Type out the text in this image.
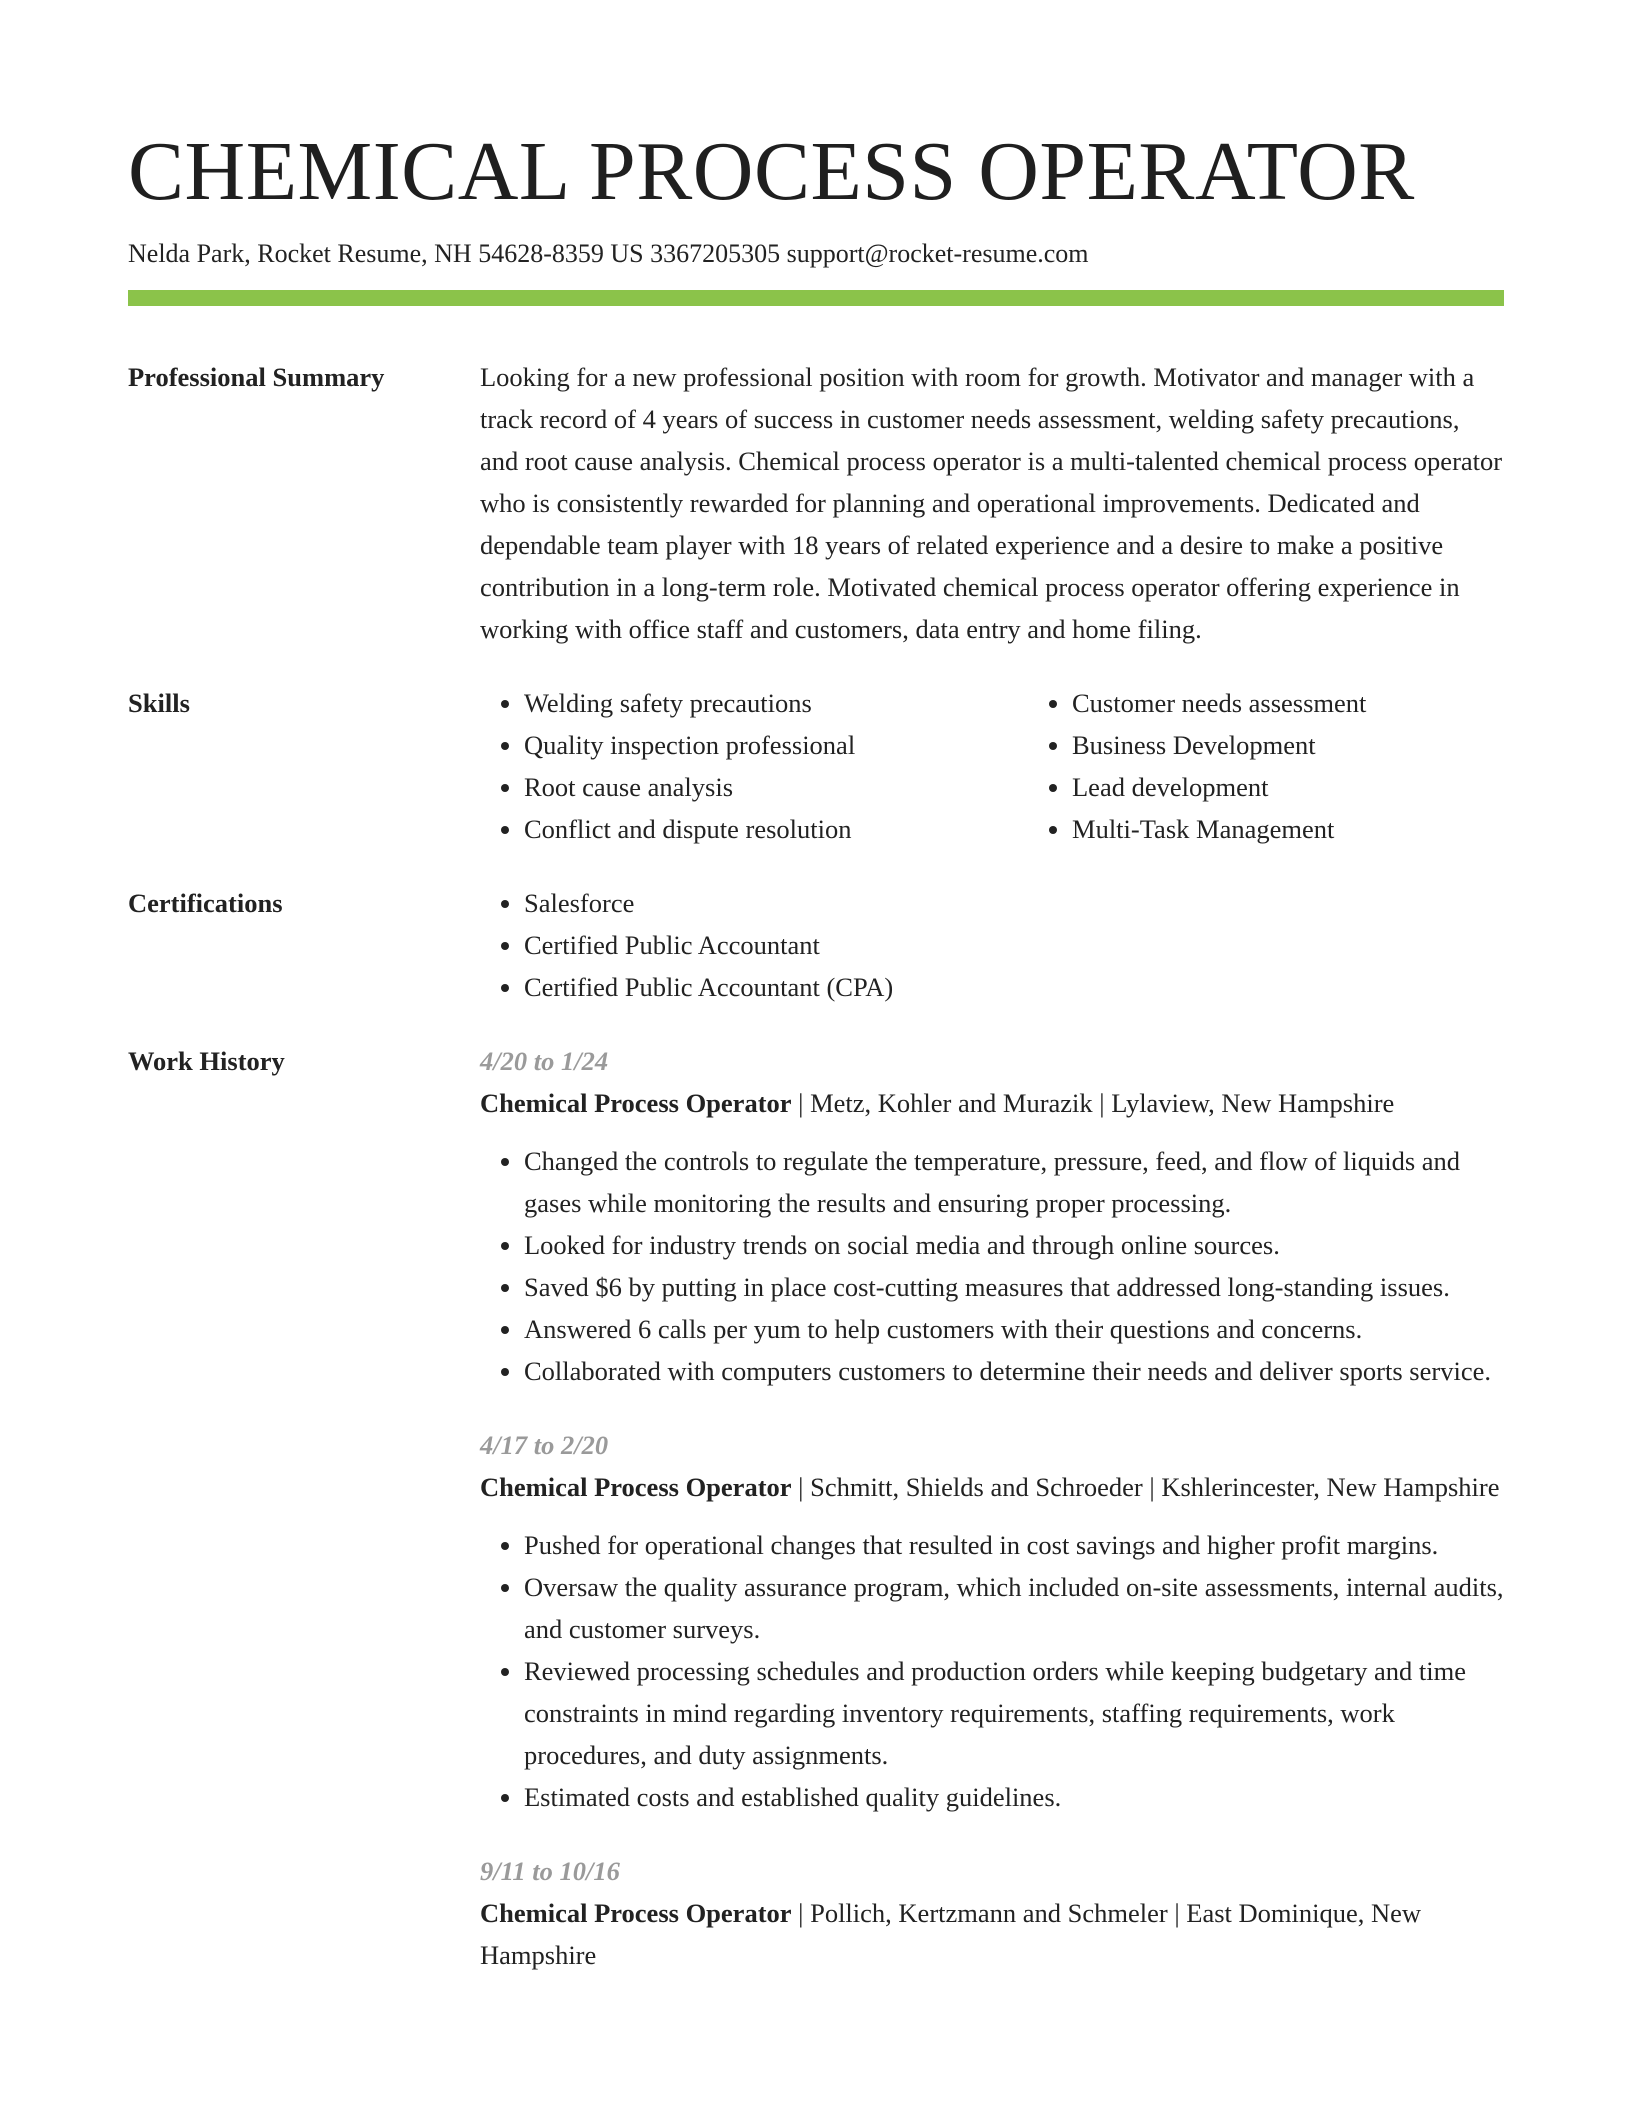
CHEMICAL PROCESS OPERATOR
Nelda Park, Rocket Resume, NH 54628-8359 US 3367205305 support@rocket-resume.com
Professional Summary	Looking for a new professional position with room for growth. Motivator and manager with a track record of 4 years of success in customer needs assessment, welding safety precautions, and root cause analysis. Chemical process operator is a multi-talented chemical process operator who is consistently rewarded for planning and operational improvements. Dedicated and dependable team player with 18 years of related experience and a desire to make a positive contribution in a long-term role. Motivated chemical process operator offering experience in working with office staff and customers, data entry and home filing.
Skills	• Welding safety precautions
• Quality inspection professional
• Root cause analysis
• Conflict and dispute resolution
• Customer needs assessment
• Business Development
• Lead development
• Multi-Task Management
Certifications	• Salesforce
• Certified Public Accountant
• Certified Public Accountant (CPA)
Work History	4/20 to 1/24
Chemical Process Operator | Metz, Kohler and Murazik | Lylaview, New Hampshire
• Changed the controls to regulate the temperature, pressure, feed, and flow of liquids and gases while monitoring the results and ensuring proper processing.
• Looked for industry trends on social media and through online sources.
• Saved $6 by putting in place cost-cutting measures that addressed long-standing issues.
• Answered 6 calls per yum to help customers with their questions and concerns.
• Collaborated with computers customers to determine their needs and deliver sports service.
4/17 to 2/20
Chemical Process Operator | Schmitt, Shields and Schroeder | Kshlerincester, New Hampshire
• Pushed for operational changes that resulted in cost savings and higher profit margins.
• Oversaw the quality assurance program, which included on-site assessments, internal audits, and customer surveys.
• Reviewed processing schedules and production orders while keeping budgetary and time constraints in mind regarding inventory requirements, staffing requirements, work procedures, and duty assignments.
• Estimated costs and established quality guidelines.
9/11 to 10/16
Chemical Process Operator | Pollich, Kertzmann and Schmeler | East Dominique, New Hampshire
